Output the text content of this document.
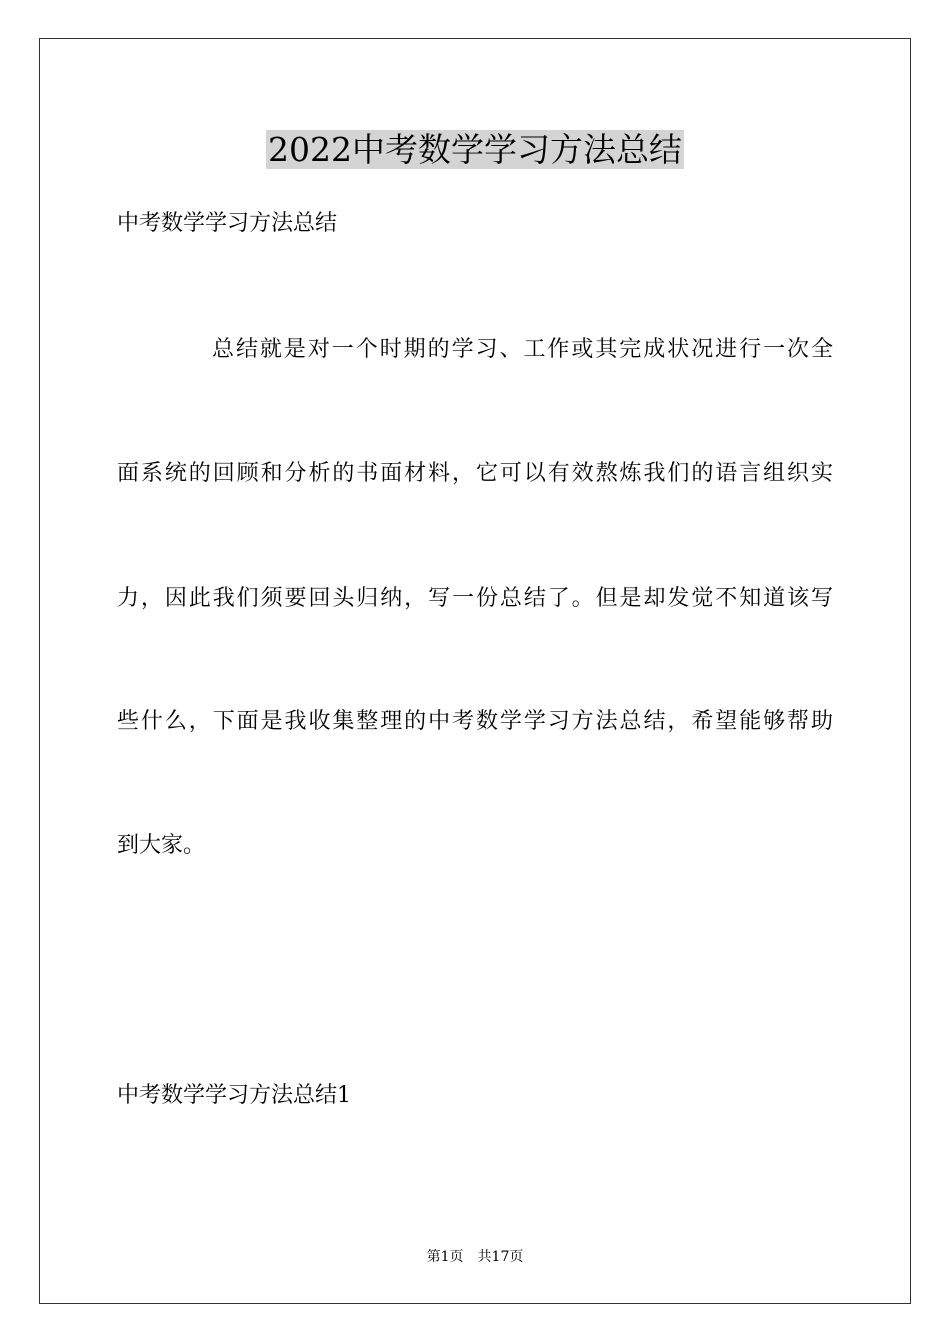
2022中考数学学习方法总结
中考数学学习方法总结
总结就是对一个时期的学习、工作或其完成状况进行一次全
面系统的回顾和分析的书面材料，它可以有效熬炼我们的语言组织实
力，因此我们须要回头归纳，写一份总结了。但是却发觉不知道该写
些什么，下面是我收集整理的中考数学学习方法总结，希望能够帮助
到大家。
中考数学学习方法总结1
第1页 共17页
